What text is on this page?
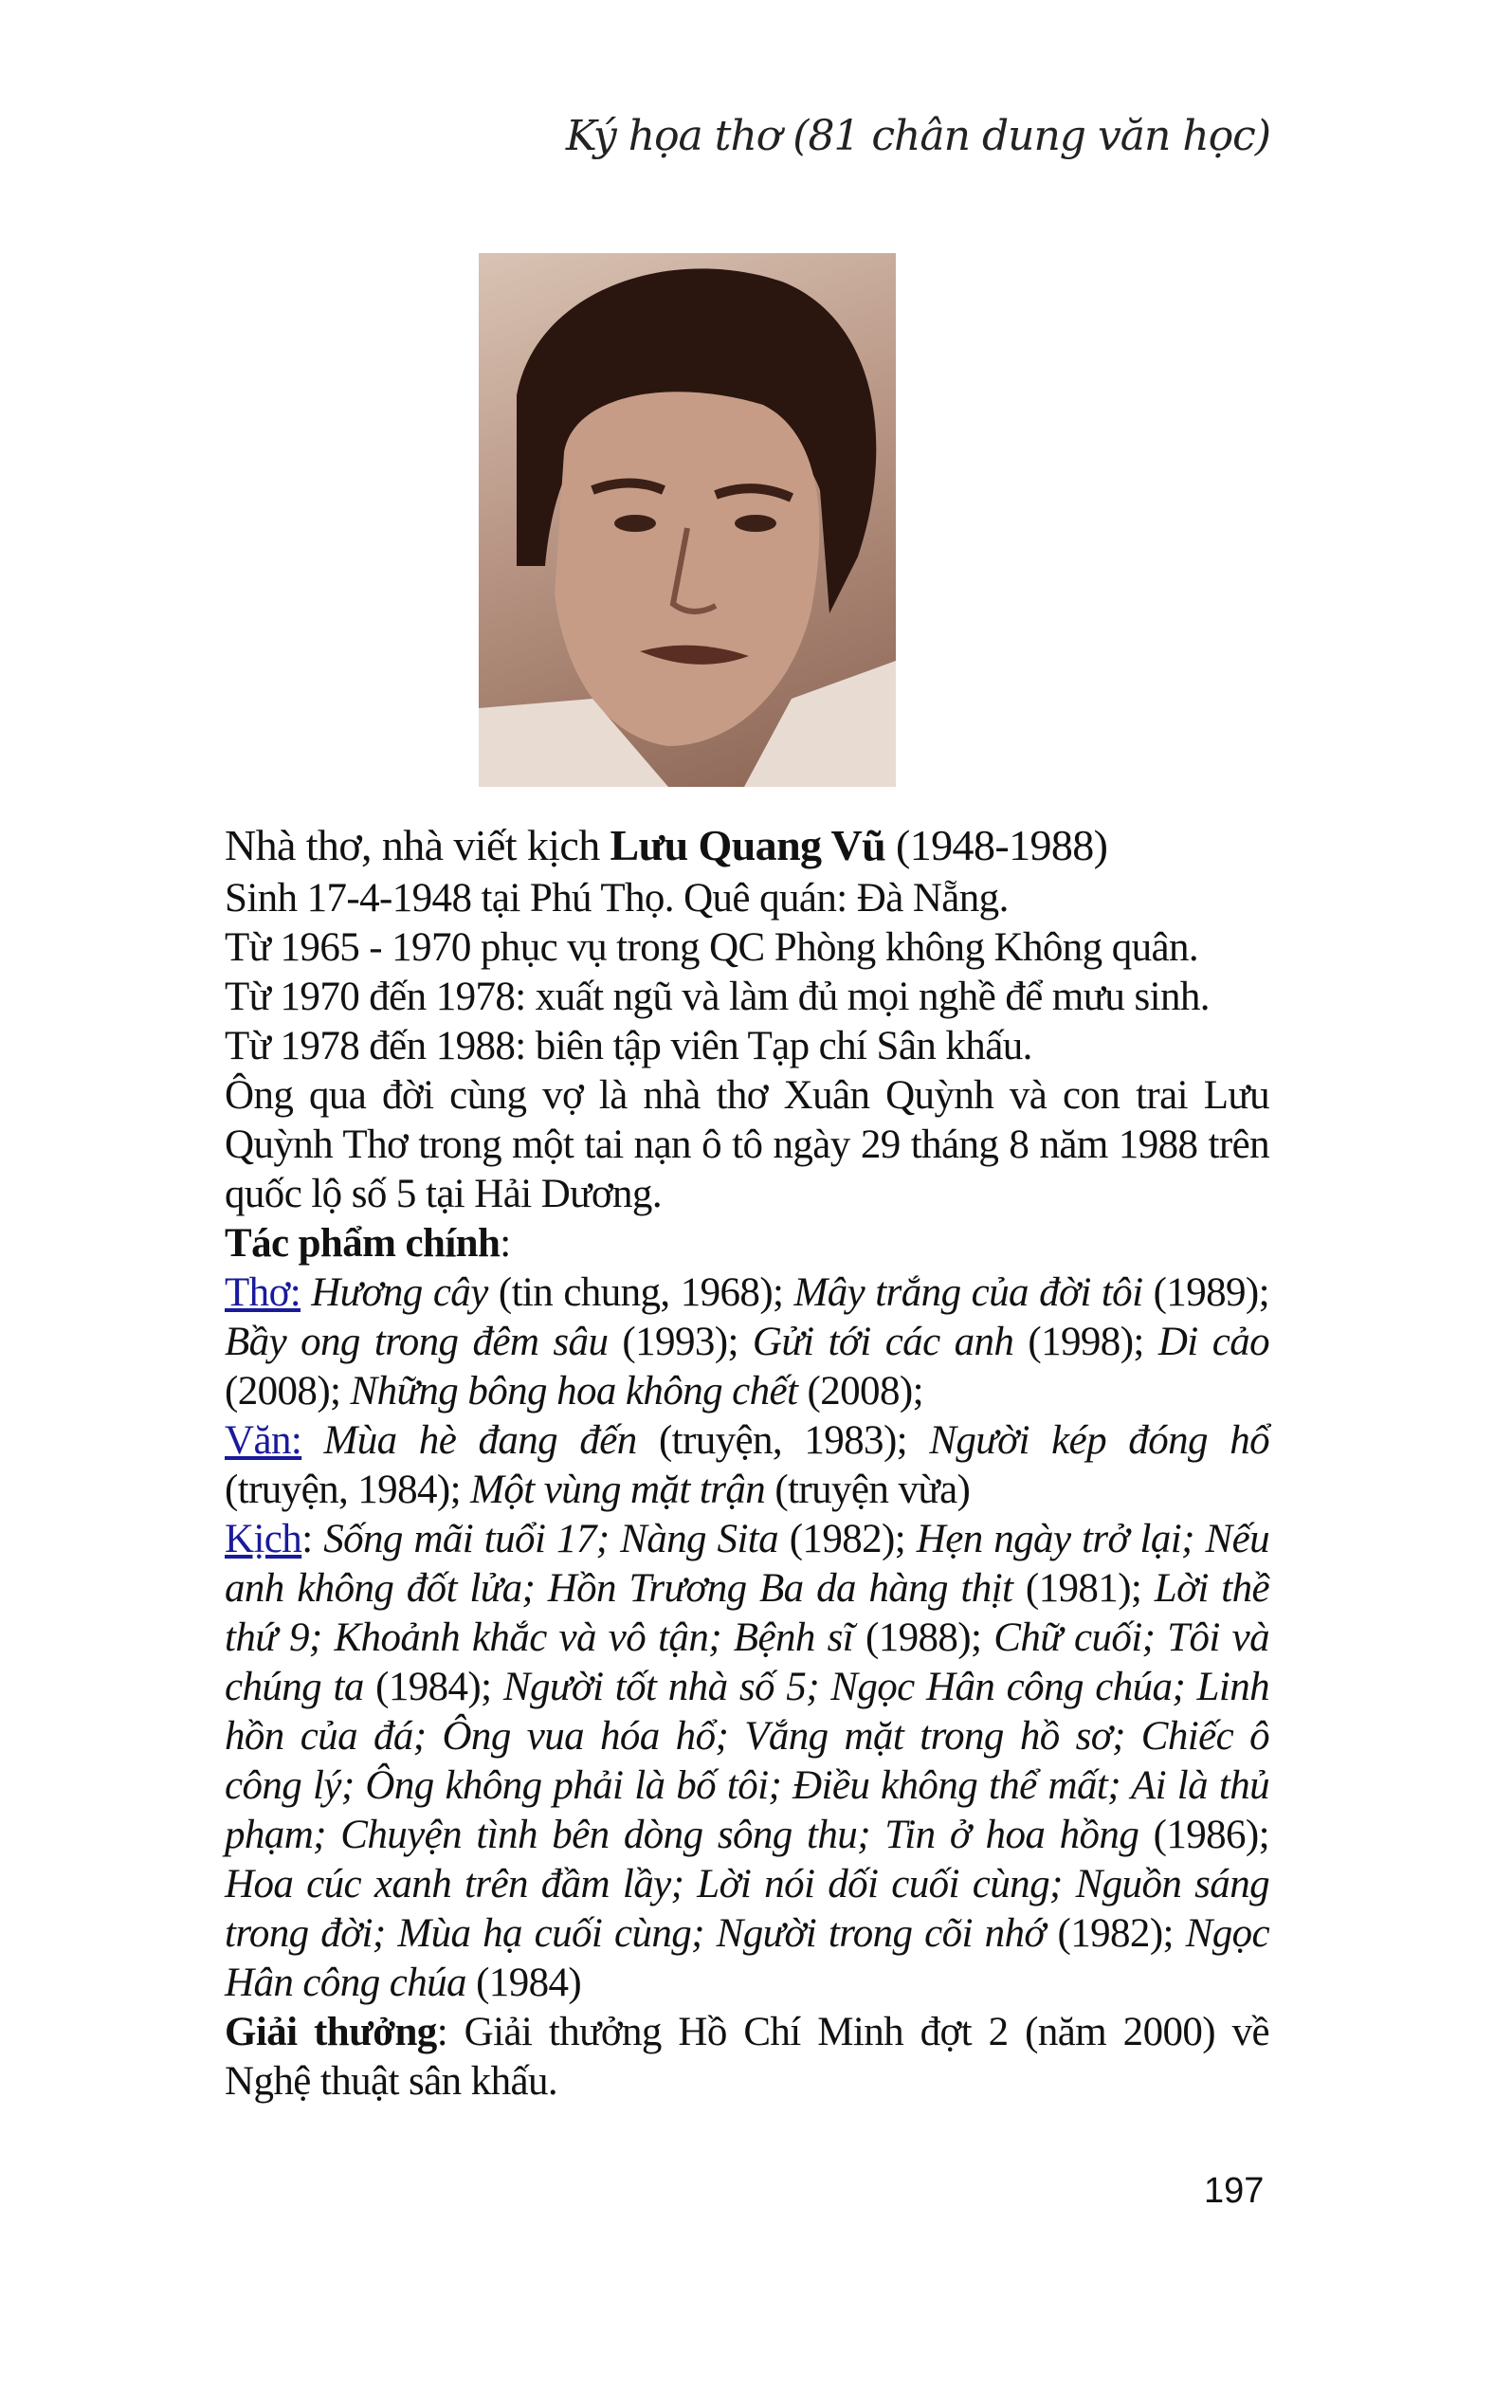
Ký họa thơ (81 chân dung văn học)

Nhà thơ, nhà viết kịch Lưu Quang Vũ (1948-1988)

Sinh 17-4-1948 tại Phú Thọ. Quê quán: Đà Nẵng.

Từ 1965 - 1970 phục vụ trong QC Phòng không Không quân.

Từ 1970 đến 1978: xuất ngũ và làm đủ mọi nghề để mưu sinh.

Từ 1978 đến 1988: biên tập viên Tạp chí Sân khấu.

Ông qua đời cùng vợ là nhà thơ Xuân Quỳnh và con trai Lưu Quỳnh Thơ trong một tai nạn ô tô ngày 29 tháng 8 năm 1988 trên quốc lộ số 5 tại Hải Dương.

Tác phẩm chính:

Thơ: Hương cây (tin chung, 1968); Mây trắng của đời tôi (1989); Bầy ong trong đêm sâu (1993); Gửi tới các anh (1998); Di cảo (2008); Những bông hoa không chết (2008);

Văn: Mùa hè đang đến (truyện, 1983); Người kép đóng hổ (truyện, 1984); Một vùng mặt trận (truyện vừa)

Kịch: Sống mãi tuổi 17; Nàng Sita (1982); Hẹn ngày trở lại; Nếu anh không đốt lửa; Hồn Trương Ba da hàng thịt (1981); Lời thề thứ 9; Khoảnh khắc và vô tận; Bệnh sĩ (1988); Chữ cuối; Tôi và chúng ta (1984); Người tốt nhà số 5; Ngọc Hân công chúa; Linh hồn của đá; Ông vua hóa hổ; Vắng mặt trong hồ sơ; Chiếc ô công lý; Ông không phải là bố tôi; Điều không thể mất; Ai là thủ phạm; Chuyện tình bên dòng sông thu; Tin ở hoa hồng (1986); Hoa cúc xanh trên đầm lầy; Lời nói dối cuối cùng; Nguồn sáng trong đời; Mùa hạ cuối cùng; Người trong cõi nhớ (1982); Ngọc Hân công chúa (1984)

Giải thưởng: Giải thưởng Hồ Chí Minh đợt 2 (năm 2000) về Nghệ thuật sân khấu.

197
